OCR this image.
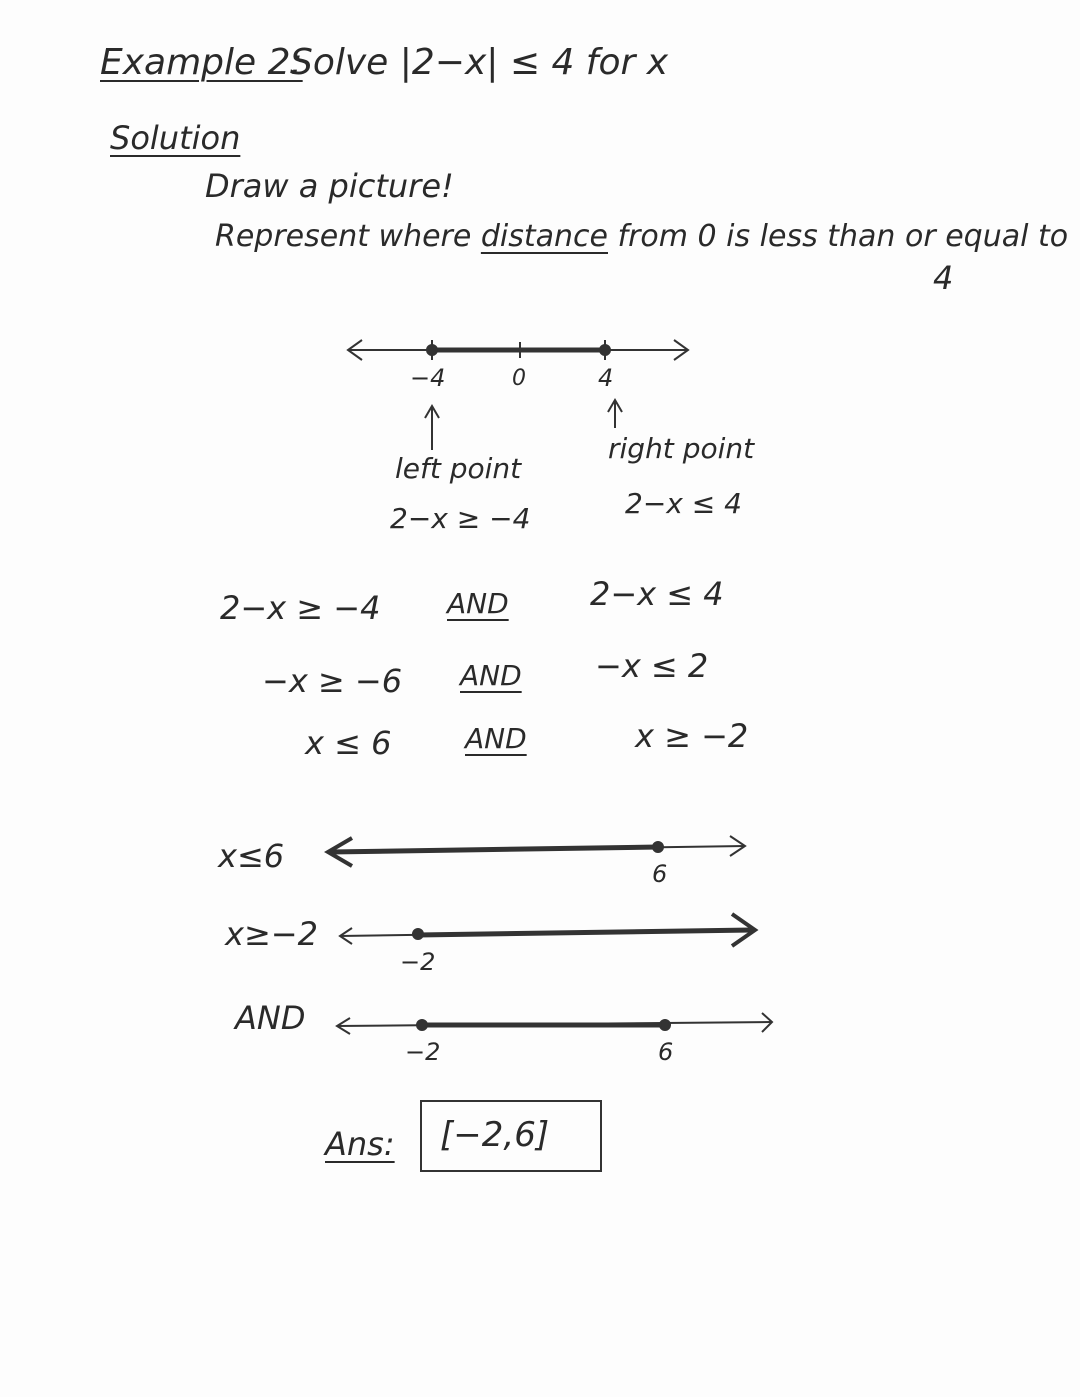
Example 2:
Solve |2−x| ≤ 4 for x
Solution
Draw a picture!
Represent where distance from 0 is less than or equal to
4
−4	0	4
left point
2−x ≥ −4
right point
2−x ≤ 4
2−x ≥ −4 AND	2−x ≤ 4
−x ≥ −6 AND −x ≤ 2
x ≤ 6	AND	x ≥ −2
x≤6	6
x≥−2
−2
AND
−2	6
Ans: [−2,6]
